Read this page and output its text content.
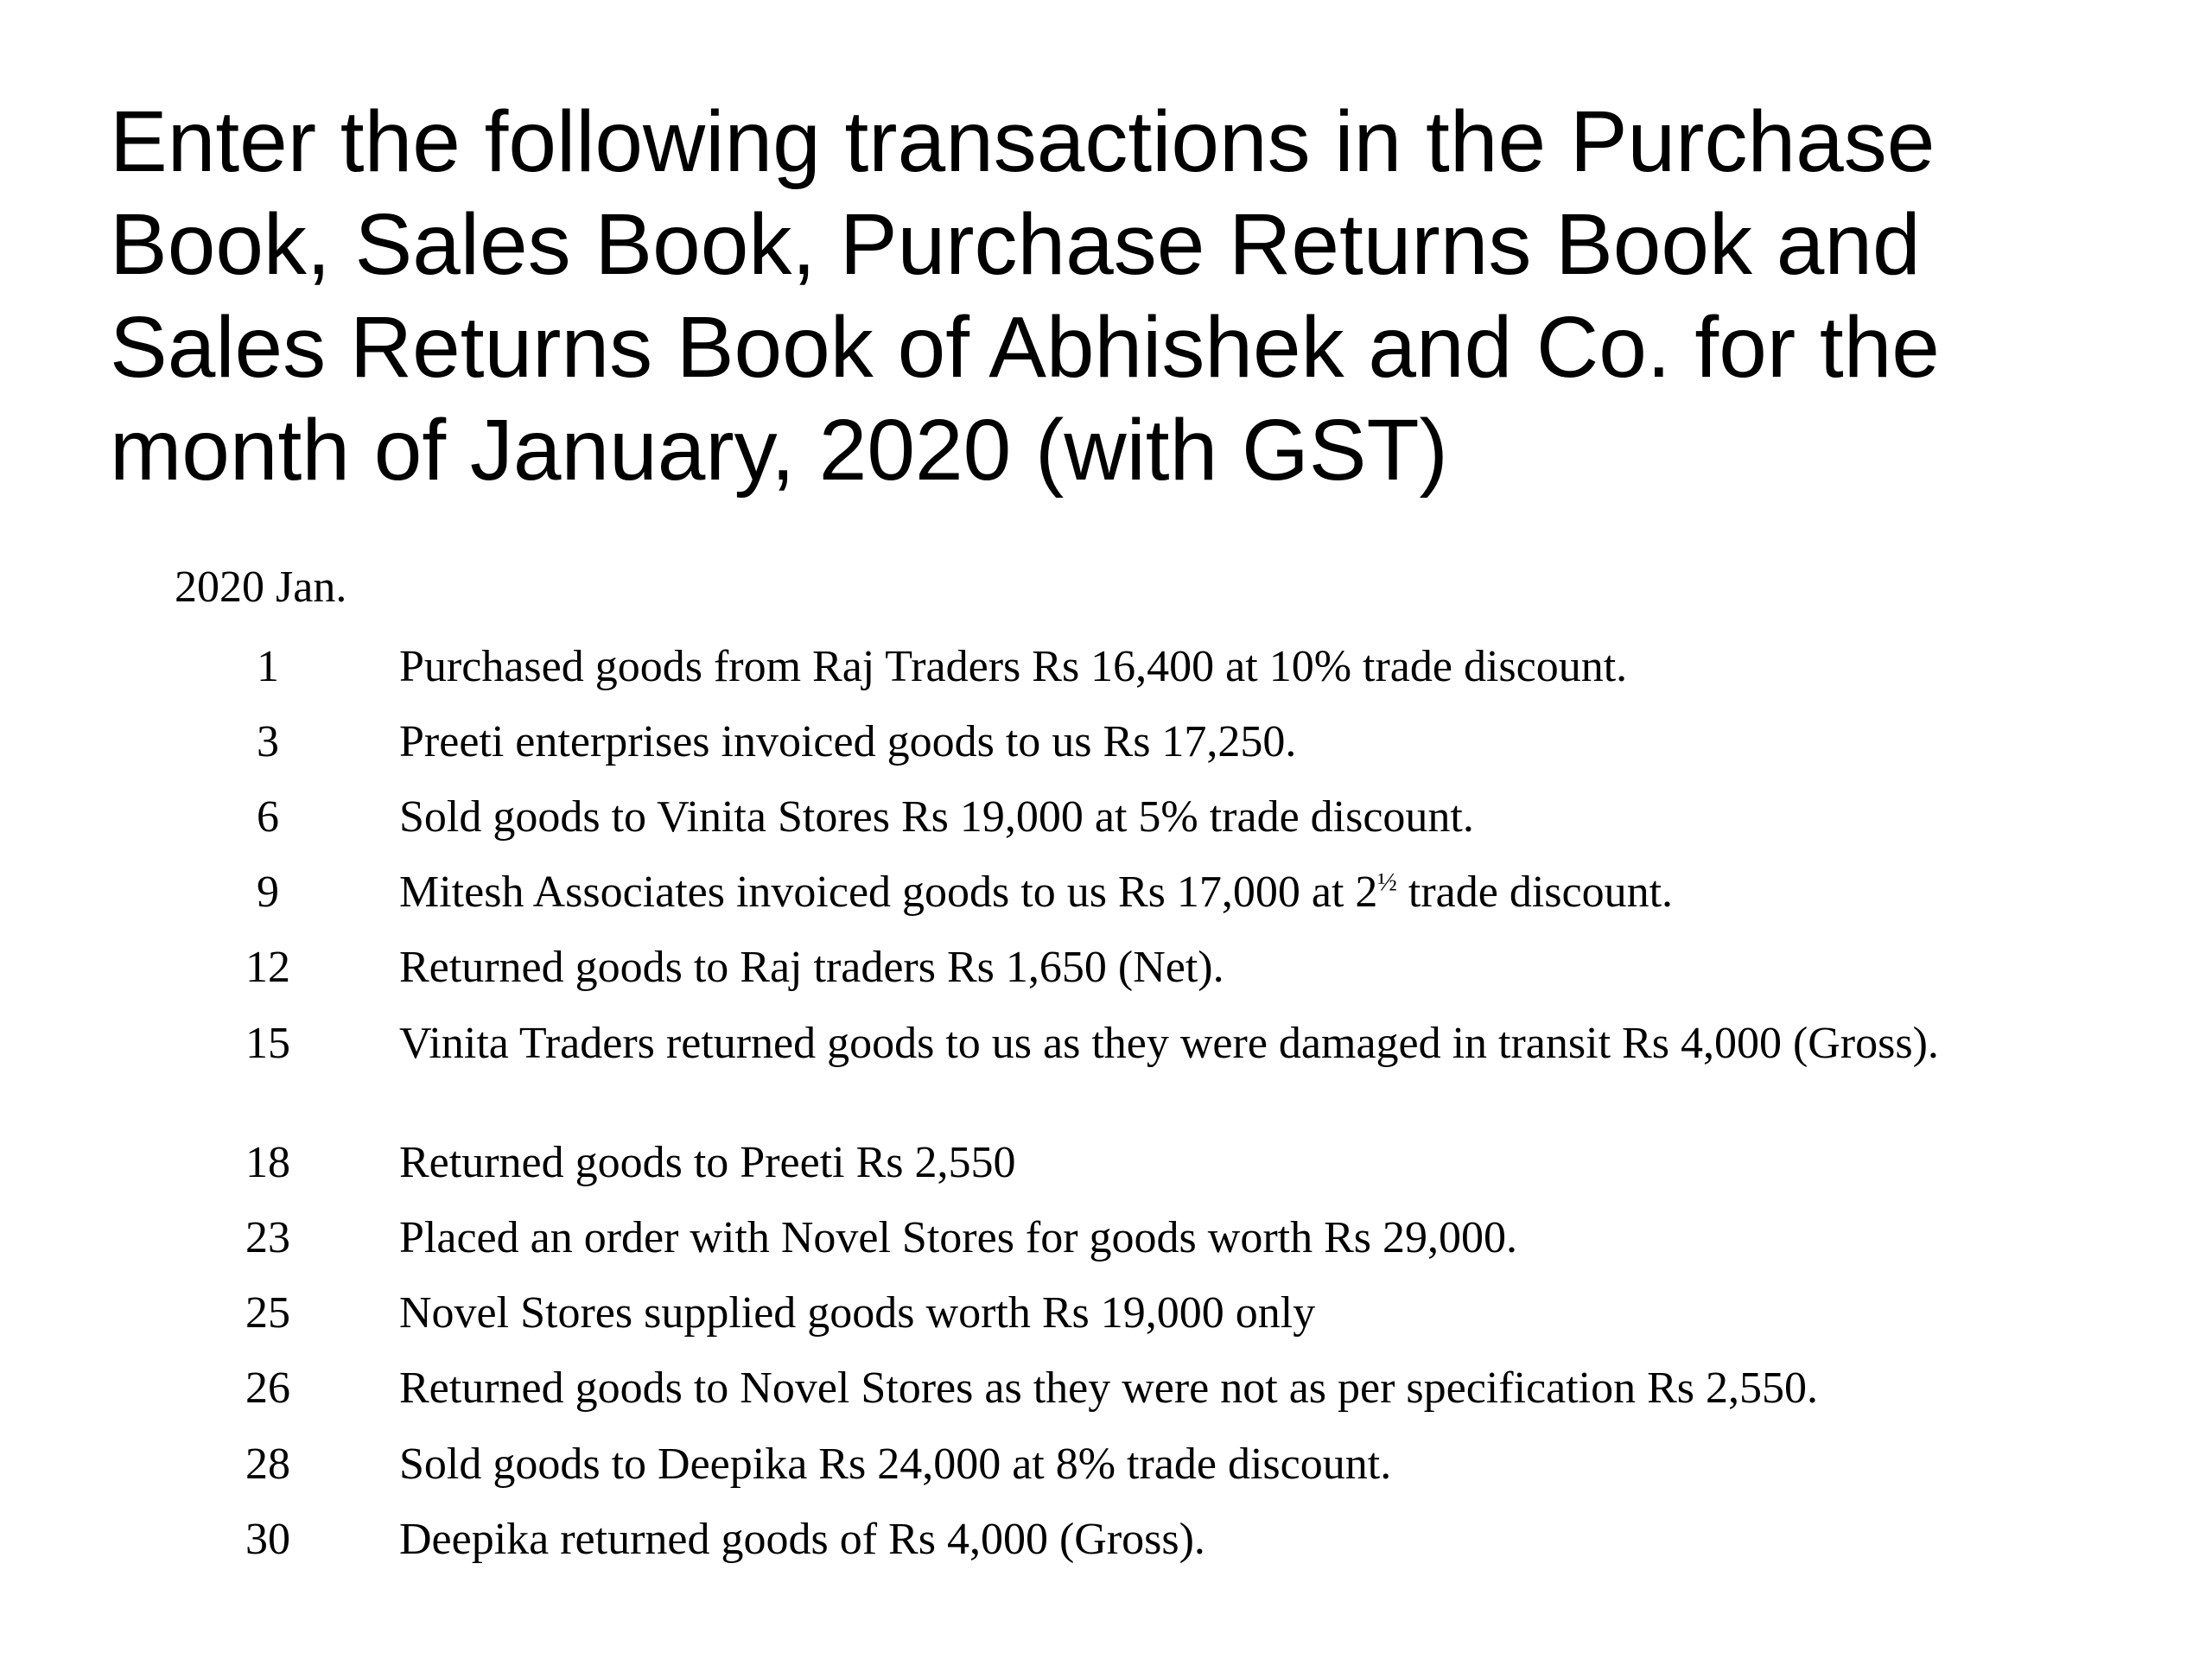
Enter the following transactions in the Purchase Book, Sales Book, Purchase Returns Book and Sales Returns Book of Abhishek and Co. for the month of January, 2020 (with GST)
2020 Jan.
1	Purchased goods from Raj Traders Rs 16,400 at 10% trade discount.
3	Preeti enterprises invoiced goods to us Rs 17,250.
6	Sold goods to Vinita Stores Rs 19,000 at 5% trade discount.
9	Mitesh Associates invoiced goods to us Rs 17,000 at $2^{\frac{1}{2}}$ trade discount.
12	Returned goods to Raj traders Rs 1,650 (Net).
15	Vinita Traders returned goods to us as they were damaged in transit Rs 4,000 (Gross).
18	Returned goods to Preeti Rs 2,550
23	Placed an order with Novel Stores for goods worth Rs 29,000.
25	Novel Stores supplied goods worth Rs 19,000 only
26	Returned goods to Novel Stores as they were not as per specification Rs 2,550.
28	Sold goods to Deepika Rs 24,000 at 8% trade discount.
30	Deepika returned goods of Rs 4,000 (Gross).
